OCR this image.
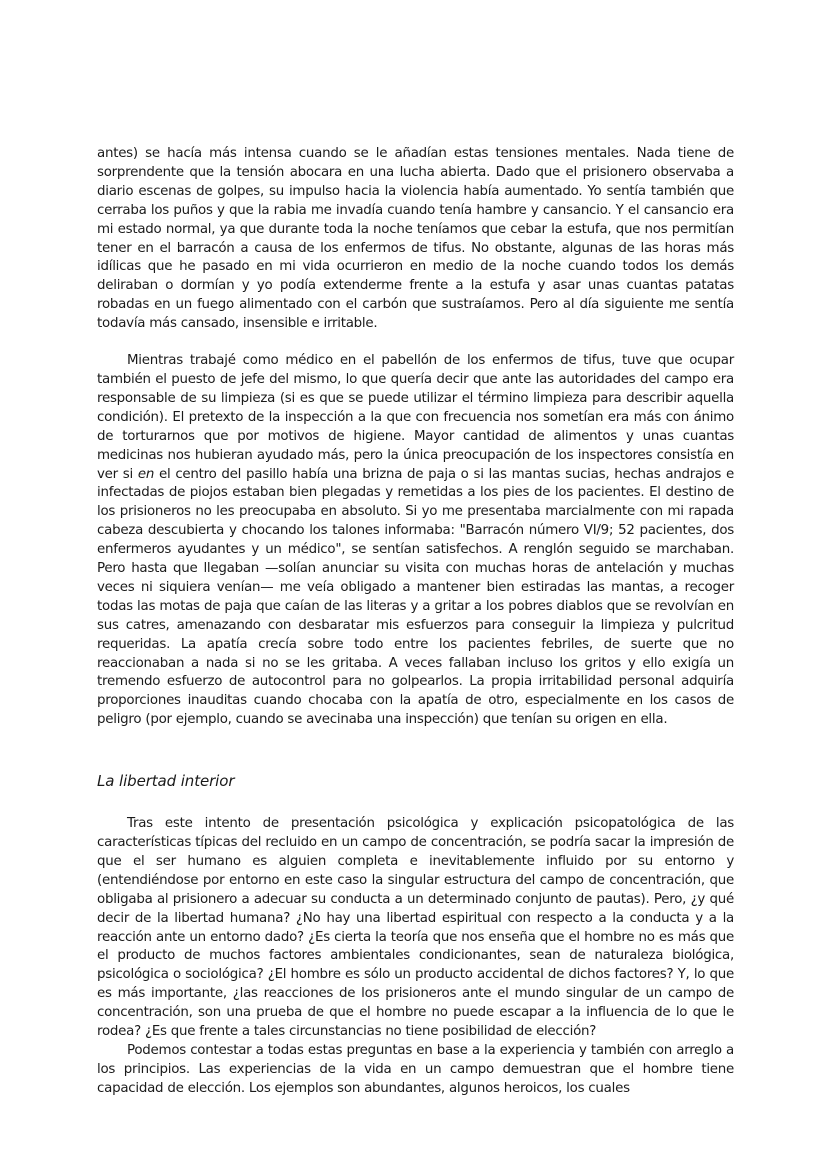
antes) se hacía más intensa cuando se le añadían estas tensiones mentales. Nada tiene de sorprendente que la tensión abocara en una lucha abierta. Dado que el prisionero observaba a diario escenas de golpes, su impulso hacia la violencia había aumentado. Yo sentía también que cerraba los puños y que la rabia me invadía cuando tenía hambre y cansancio. Y el cansancio era mi estado normal, ya que durante toda la noche teníamos que cebar la estufa, que nos permitían tener en el barracón a causa de los enfermos de tifus. No obstante, algunas de las horas más idílicas que he pasado en mi vida ocurrieron en medio de la noche cuando todos los demás deliraban o dormían y yo podía extenderme frente a la estufa y asar unas cuantas patatas robadas en un fuego alimentado con el carbón que sustraíamos. Pero al día siguiente me sentía todavía más cansado, insensible e irritable.

Mientras trabajé como médico en el pabellón de los enfermos de tifus, tuve que ocupar también el puesto de jefe del mismo, lo que quería decir que ante las autoridades del campo era responsable de su limpieza (si es que se puede utilizar el término limpieza para describir aquella condición). El pretexto de la inspección a la que con frecuencia nos sometían era más con ánimo de torturarnos que por motivos de higiene. Mayor cantidad de alimentos y unas cuantas medicinas nos hubieran ayudado más, pero la única preocupación de los inspectores consistía en ver si en el centro del pasillo había una brizna de paja o si las mantas sucias, hechas andrajos e infectadas de piojos estaban bien plegadas y remetidas a los pies de los pacientes. El destino de los prisioneros no les preocupaba en absoluto. Si yo me presentaba marcialmente con mi rapada cabeza descubierta y chocando los talones informaba: "Barracón número VI/9; 52 pacientes, dos enfermeros ayudantes y un médico", se sentían satisfechos. A renglón seguido se marchaban. Pero hasta que llegaban —solían anunciar su visita con muchas horas de antelación y muchas veces ni siquiera venían— me veía obligado a mantener bien estiradas las mantas, a recoger todas las motas de paja que caían de las literas y a gritar a los pobres diablos que se revolvían en sus catres, amenazando con desbaratar mis esfuerzos para conseguir la limpieza y pulcritud requeridas. La apatía crecía sobre todo entre los pacientes febriles, de suerte que no reaccionaban a nada si no se les gritaba. A veces fallaban incluso los gritos y ello exigía un tremendo esfuerzo de autocontrol para no golpearlos. La propia irritabilidad personal adquiría proporciones inauditas cuando chocaba con la apatía de otro, especialmente en los casos de peligro (por ejemplo, cuando se avecinaba una inspección) que tenían su origen en ella.

La libertad interior

Tras este intento de presentación psicológica y explicación psicopatológica de las características típicas del recluido en un campo de concentración, se podría sacar la impresión de que el ser humano es alguien completa e inevitablemente influido por su entorno y (entendiéndose por entorno en este caso la singular estructura del campo de concentración, que obligaba al prisionero a adecuar su conducta a un determinado conjunto de pautas). Pero, ¿y qué decir de la libertad humana? ¿No hay una libertad espiritual con respecto a la conducta y a la reacción ante un entorno dado? ¿Es cierta la teoría que nos enseña que el hombre no es más que el producto de muchos factores ambientales condicionantes, sean de naturaleza biológica, psicológica o sociológica? ¿El hombre es sólo un producto accidental de dichos factores? Y, lo que es más importante, ¿las reacciones de los prisioneros ante el mundo singular de un campo de concentración, son una prueba de que el hombre no puede escapar a la influencia de lo que le rodea? ¿Es que frente a tales circunstancias no tiene posibilidad de elección?

Podemos contestar a todas estas preguntas en base a la experiencia y también con arreglo a los principios. Las experiencias de la vida en un campo demuestran que el hombre tiene capacidad de elección. Los ejemplos son abundantes, algunos heroicos, los cuales
